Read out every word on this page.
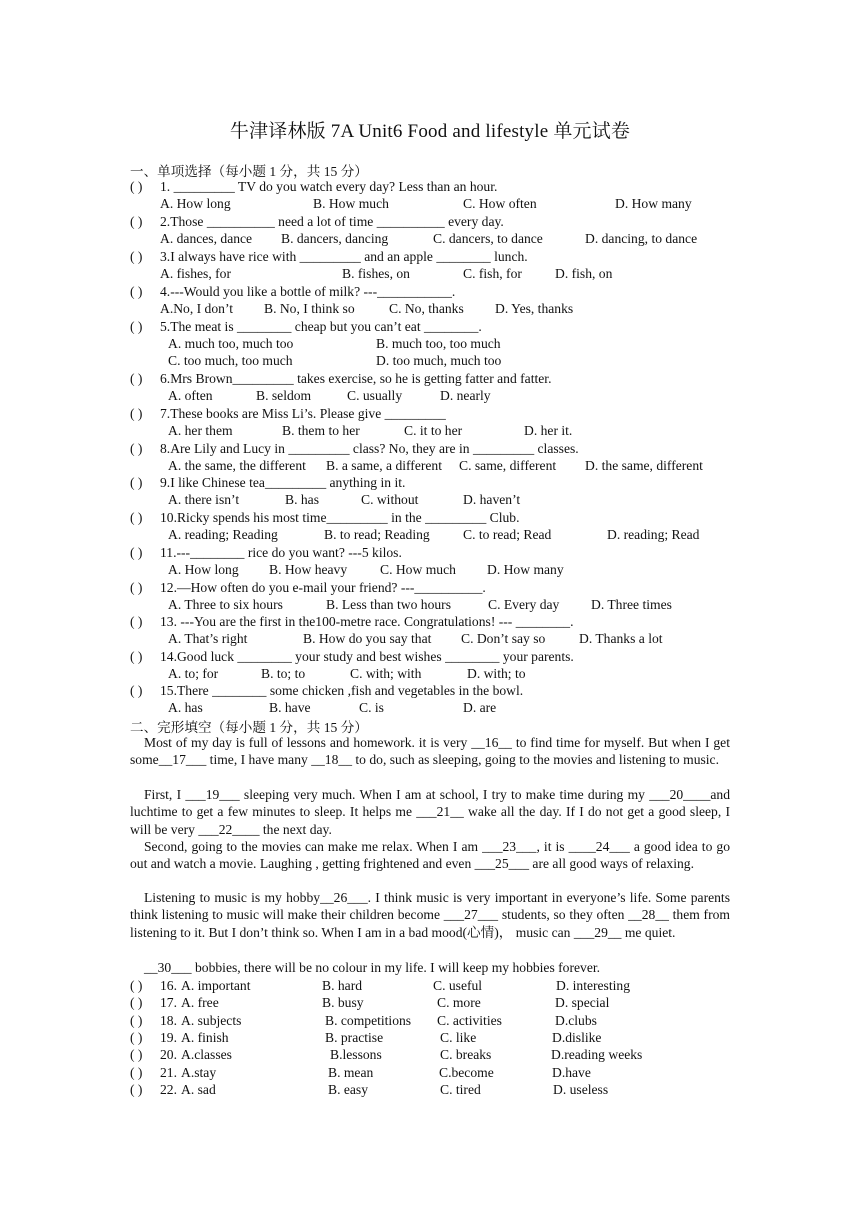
牛津译林版 7A Unit6 Food and lifestyle 单元试卷
一、单项选择（每小题 1 分，共 15 分）
( ) 1. _________ TV do you watch every day? Less than an hour.
A. How long	B. How much	C. How often	D. How many
( ) 2.Those __________ need a lot of time __________ every day.
A. dances, dance B. dancers, dancing	C. dancers, to dance	D. dancing, to dance
( ) 3.I always have rice with _________ and an apple ________ lunch.
A. fishes, for	B. fishes, on	C. fish, for D. fish, on
( ) 4.---Would you like a bottle of milk? ---___________.
A.No, I don’t B. No, I think so	C. No, thanks D. Yes, thanks
( ) 5.The meat is ________ cheap but you can’t eat ________.
A. much too, much too	B. much too, too much
C. too much, too much	D. too much, much too
( ) 6.Mrs Brown_________ takes exercise, so he is getting fatter and fatter.
A. often	B. seldom	C. usually	D. nearly
( ) 7.These books are Miss Li’s. Please give _________
A. her them	B. them to her	C. it to her	D. her it.
( ) 8.Are Lily and Lucy in _________ class? No, they are in _________ classes.
A. the same, the different B. a same, a different C. same, different D. the same, different
( ) 9.I like Chinese tea_________ anything in it.
A. there isn’t	B. has	C. without	D. haven’t
( ) 10.Ricky spends his most time_________ in the _________ Club.
A. reading; Reading	B. to read; Reading C. to read; Read	D. reading; Read
( ) 11.---________ rice do you want? ---5 kilos.
A. How long B. How heavy C. How much D. How many
( ) 12.—How often do you e-mail your friend? ---__________.
A. Three to six hours	B. Less than two hours	C. Every day D. Three times
( ) 13. ---You are the first in the100-metre race. Congratulations! --- ________.
A. That’s right	B. How do you say that C. Don’t say so D. Thanks a lot
( ) 14.Good luck ________ your study and best wishes ________ your parents.
A. to; for	B. to; to	C. with; with	D. with; to
( ) 15.There ________ some chicken ,fish and vegetables in the bowl.
A. has	B. have	C. is	D. are
二、完形填空（每小题 1 分，共 15 分）
Most of my day is full of lessons and homework. it is very __16__ to find time for myself. But when I get some__17___ time, I have many __18__ to do, such as sleeping, going to the movies and listening to music.
First, I ___19___ sleeping very much. When I am at school, I try to make time during my ___20____and luchtime to get a few minutes to sleep. It helps me ___21__ wake all the day. If I do not get a good sleep, I will be very ___22____ the next day.
Second, going to the movies can make me relax. When I am ___23___, it is ____24___ a good idea to go out and watch a movie. Laughing , getting frightened and even ___25___ are all good ways of relaxing.
Listening to music is my hobby__26___. I think music is very important in everyone’s life. Some parents think listening to music will make their children become ___27___ students, so they often __28__ them from listening to it. But I don’t think so. When I am in a bad mood(心情)， music can ___29__ me quiet.
__30___ bobbies, there will be no colour in my life. I will keep my hobbies forever.
( ) 16. A. important	B. hard	C. useful	D. interesting
( ) 17. A. free	B. busy	C. more	D. special
( ) 18. A. subjects	B. competitions C. activities	D.clubs
( ) 19. A. finish	B. practise	C. like	D.dislike
( ) 20. A.classes	B.lessons	C. breaks	D.reading weeks
( ) 21. A.stay	B. mean	C.become	D.have
( ) 22. A. sad	B. easy	C. tired	D. useless
